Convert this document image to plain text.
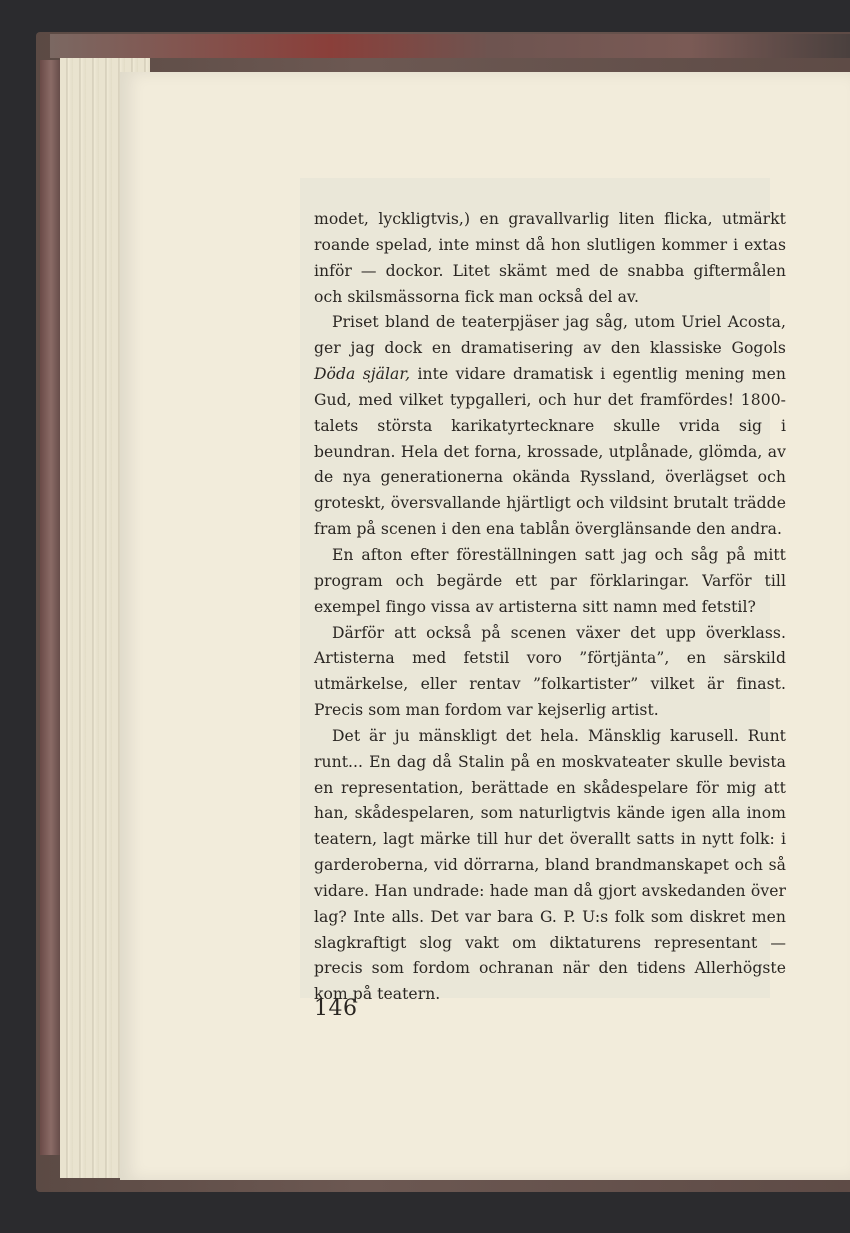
modet, lyckligtvis,) en gravallvarlig liten flicka, utmärkt roande spelad, inte minst då hon slutligen kommer i extas inför — dockor. Litet skämt med de snabba giftermålen och skilsmässorna fick man också del av.

Priset bland de teaterpjäser jag såg, utom Uriel Acosta, ger jag dock en dramatisering av den klassiske Gogols Döda själar, inte vidare dramatisk i egentlig mening men Gud, med vilket typgalleri, och hur det framfördes! 1800-talets största karikatyrtecknare skulle vrida sig i beundran. Hela det forna, krossade, utplånade, glömda, av de nya generationerna okända Ryssland, överlägset och groteskt, översvallande hjärtligt och vildsint brutalt trädde fram på scenen i den ena tablån överglänsande den andra.

En afton efter föreställningen satt jag och såg på mitt program och begärde ett par förklaringar. Varför till exempel fingo vissa av artisterna sitt namn med fetstil?

Därför att också på scenen växer det upp överklass. Artisterna med fetstil voro ”förtjänta”, en särskild utmärkelse, eller rentav ”folkartister” vilket är finast. Precis som man fordom var kejserlig artist.

Det är ju mänskligt det hela. Mänsklig karusell. Runt runt... En dag då Stalin på en moskvateater skulle bevista en representation, berättade en skådespelare för mig att han, skådespelaren, som naturligtvis kände igen alla inom teatern, lagt märke till hur det överallt satts in nytt folk: i garderoberna, vid dörrarna, bland brandmanskapet och så vidare. Han undrade: hade man då gjort avskedanden över lag? Inte alls. Det var bara G. P. U:s folk som diskret men slagkraftigt slog vakt om diktaturens representant — precis som fordom ochranan när den tidens Allerhögste kom på teatern.

146
